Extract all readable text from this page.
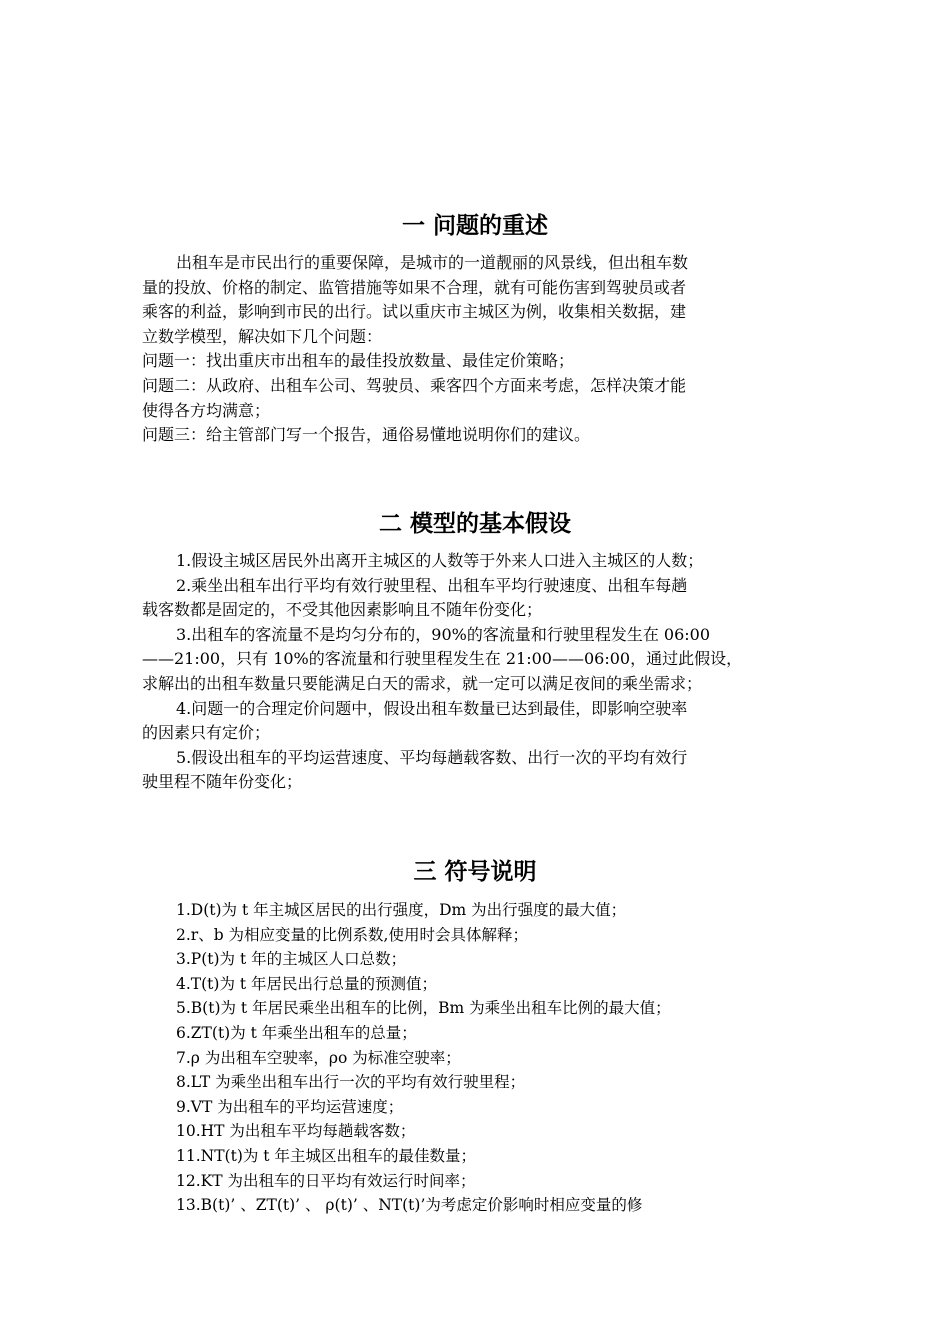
一 问题的重述
出租车是市民出行的重要保障，是城市的一道靓丽的风景线，但出租车数
量的投放、价格的制定、监管措施等如果不合理，就有可能伤害到驾驶员或者
乘客的利益，影响到市民的出行。试以重庆市主城区为例，收集相关数据，建
立数学模型，解决如下几个问题：
问题一：找出重庆市出租车的最佳投放数量、最佳定价策略；
问题二：从政府、出租车公司、驾驶员、乘客四个方面来考虑，怎样决策才能
使得各方均满意；
问题三：给主管部门写一个报告，通俗易懂地说明你们的建议。
二 模型的基本假设
1.假设主城区居民外出离开主城区的人数等于外来人口进入主城区的人数；
2.乘坐出租车出行平均有效行驶里程、出租车平均行驶速度、出租车每趟
载客数都是固定的，不受其他因素影响且不随年份变化；
3.出租车的客流量不是均匀分布的，90%的客流量和行驶里程发生在 06:00
——21:00，只有 10%的客流量和行驶里程发生在 21:00——06:00，通过此假设，
求解出的出租车数量只要能满足白天的需求，就一定可以满足夜间的乘坐需求；
4.问题一的合理定价问题中，假设出租车数量已达到最佳，即影响空驶率
的因素只有定价；
5.假设出租车的平均运营速度、平均每趟载客数、出行一次的平均有效行
驶里程不随年份变化；
三 符号说明
1.D(t)为 t 年主城区居民的出行强度，Dm 为出行强度的最大值；
2.r、b 为相应变量的比例系数,使用时会具体解释；
3.P(t)为 t 年的主城区人口总数；
4.T(t)为 t 年居民出行总量的预测值；
5.B(t)为 t 年居民乘坐出租车的比例，Bm 为乘坐出租车比例的最大值；
6.ZT(t)为 t 年乘坐出租车的总量；
7.ρ 为出租车空驶率，ρo 为标准空驶率；
8.LT 为乘坐出租车出行一次的平均有效行驶里程；
9.VT 为出租车的平均运营速度；
10.HT 为出租车平均每趟载客数；
11.NT(t)为 t 年主城区出租车的最佳数量；
12.KT 为出租车的日平均有效运行时间率；
13.B(t)’ 、ZT(t)’ 、 ρ(t)’ 、NT(t)’为考虑定价影响时相应变量的修
